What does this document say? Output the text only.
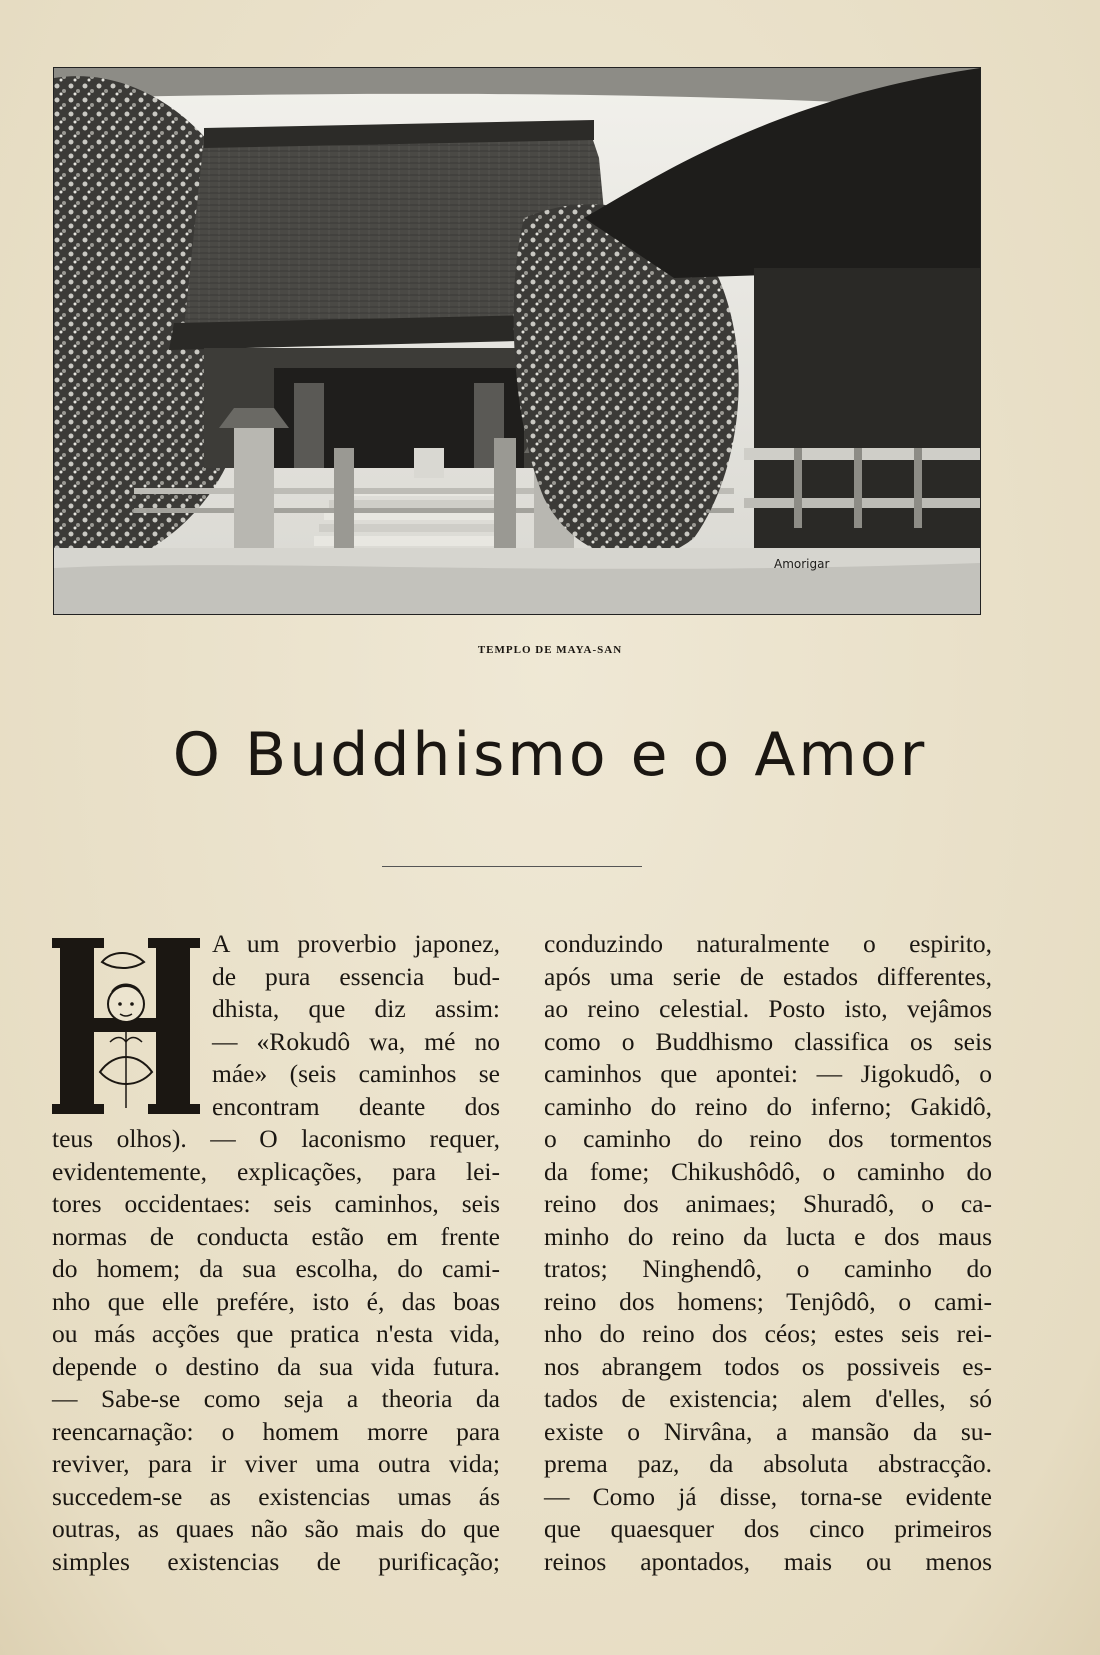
Amorigar
TEMPLO DE MAYA-SAN
O Buddhismo e o Amor

A um proverbio japonez,
de pura essencia bud-
dhista, que diz assim:
— «Rokudô wa, mé no
máe» (seis caminhos se
encontram deante dos
teus olhos). — O laconismo requer,
evidentemente, explicações, para lei-
tores occidentaes: seis caminhos, seis
normas de conducta estão em frente
do homem; da sua escolha, do cami-
nho que elle prefére, isto é, das boas
ou más acções que pratica n'esta vida,
depende o destino da sua vida futura.
— Sabe-se como seja a theoria da
reencarnação: o homem morre para
reviver, para ir viver uma outra vida;
succedem-se as existencias umas ás
outras, as quaes não são mais do que
simples existencias de purificação;

conduzindo naturalmente o espirito,
após uma serie de estados differentes,
ao reino celestial. Posto isto, vejâmos
como o Buddhismo classifica os seis
caminhos que apontei: — Jigokudô, o
caminho do reino do inferno; Gakidô,
o caminho do reino dos tormentos
da fome; Chikushôdô, o caminho do
reino dos animaes; Shuradô, o ca-
minho do reino da lucta e dos maus
tratos; Ninghendô, o caminho do
reino dos homens; Tenjôdô, o cami-
nho do reino dos céos; estes seis rei-
nos abrangem todos os possiveis es-
tados de existencia; alem d'elles, só
existe o Nirvâna, a mansão da su-
prema paz, da absoluta abstracção.
— Como já disse, torna-se evidente
que quaesquer dos cinco primeiros
reinos apontados, mais ou menos
